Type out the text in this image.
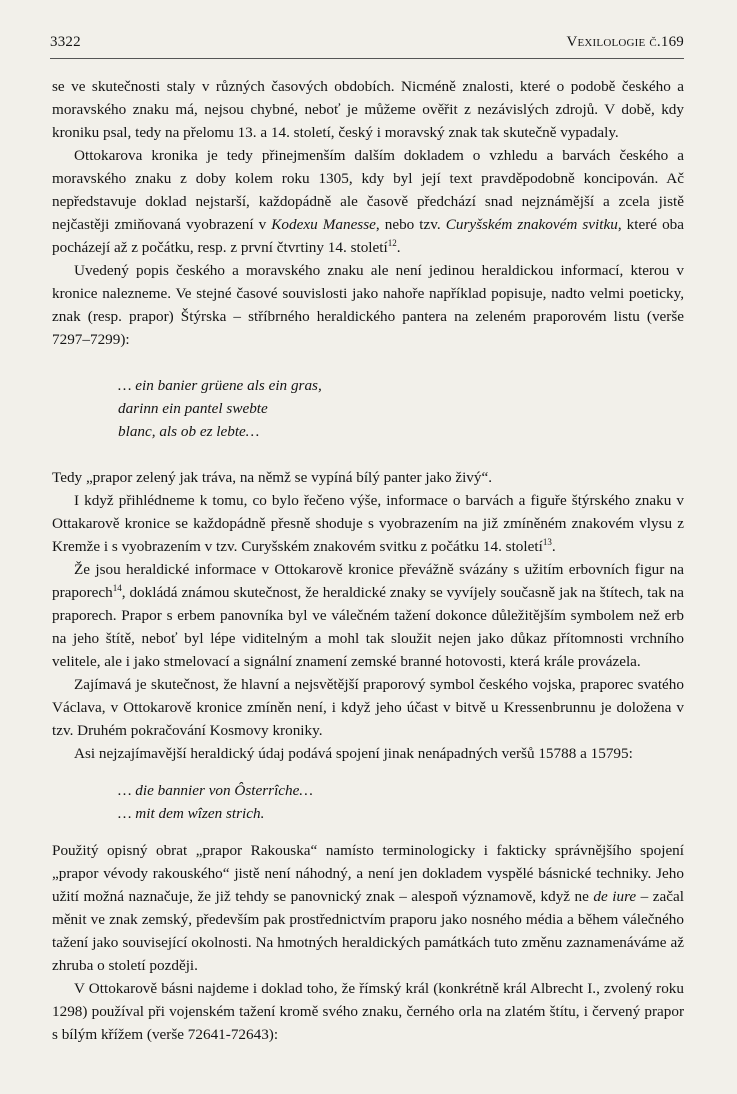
3322	Vexilologie č.169

se ve skutečnosti staly v různých časových obdobích. Nicméně znalosti, které o podobě českého a moravského znaku má, nejsou chybné, neboť je můžeme ověřit z nezávislých zdrojů. V době, kdy kroniku psal, tedy na přelomu 13. a 14. století, český i moravský znak tak skutečně vypadaly.

Ottokarova kronika je tedy přinejmenším dalším dokladem o vzhledu a barvách českého a moravského znaku z doby kolem roku 1305, kdy byl její text pravděpodobně koncipován. Ač nepředstavuje doklad nejstarší, každopádně ale časově předchází snad nejznámější a zcela jistě nejčastěji zmiňovaná vyobrazení v Kodexu Manesse, nebo tzv. Curyšském znakovém svitku, které oba pocházejí až z počátku, resp. z první čtvrtiny 14. století$^{12}$.

Uvedený popis českého a moravského znaku ale není jedinou heraldickou informací, kterou v kronice nalezneme. Ve stejné časové souvislosti jako nahoře například popisuje, nadto velmi poeticky, znak (resp. prapor) Štýrska – stříbrného heraldického pantera na zeleném praporovém listu (verše 7297–7299):

… ein banier grüene als ein gras,
darinn ein pantel swebte
blanc, als ob ez lebte…

Tedy „prapor zelený jak tráva, na němž se vypíná bílý panter jako živý“.

I když přihlédneme k tomu, co bylo řečeno výše, informace o barvách a figuře štýrského znaku v Ottakarově kronice se každopádně přesně shoduje s vyobrazením na již zmíněném znakovém vlysu z Kremže i s vyobrazením v tzv. Curyšském znakovém svitku z počátku 14. století$^{13}$.

Že jsou heraldické informace v Ottokarově kronice převážně svázány s užitím erbovních figur na praporech$^{14}$, dokládá známou skutečnost, že heraldické znaky se vyvíjely současně jak na štítech, tak na praporech. Prapor s erbem panovníka byl ve válečném tažení dokonce důležitějším symbolem než erb na jeho štítě, neboť byl lépe viditelným a mohl tak sloužit nejen jako důkaz přítomnosti vrchního velitele, ale i jako stmelovací a signální znamení zemské branné hotovosti, která krále provázela.

Zajímavá je skutečnost, že hlavní a nejsvětější praporový symbol českého vojska, praporec svatého Václava, v Ottokarově kronice zmíněn není, i když jeho účast v bitvě u Kressenbrunnu je doložena v tzv. Druhém pokračování Kosmovy kroniky.

Asi nejzajímavější heraldický údaj podává spojení jinak nenápadných veršů 15788 a 15795:

… die bannier von Ôsterrîche…
… mit dem wîzen strich.

Použitý opisný obrat „prapor Rakouska“ namísto terminologicky i fakticky správnějšího spojení „prapor vévody rakouského“ jistě není náhodný, a není jen dokladem vyspělé básnické techniky. Jeho užití možná naznačuje, že již tehdy se panovnický znak – alespoň významově, když ne de iure – začal měnit ve znak zemský, především pak prostřednictvím praporu jako nosného média a během válečného tažení jako související okolnosti. Na hmotných heraldických památkách tuto změnu zaznamenáváme až zhruba o století později.

V Ottokarově básni najdeme i doklad toho, že římský král (konkrétně král Albrecht I., zvolený roku 1298) používal při vojenském tažení kromě svého znaku, černého orla na zlatém štítu, i červený prapor s bílým křížem (verše 72641-72643):
